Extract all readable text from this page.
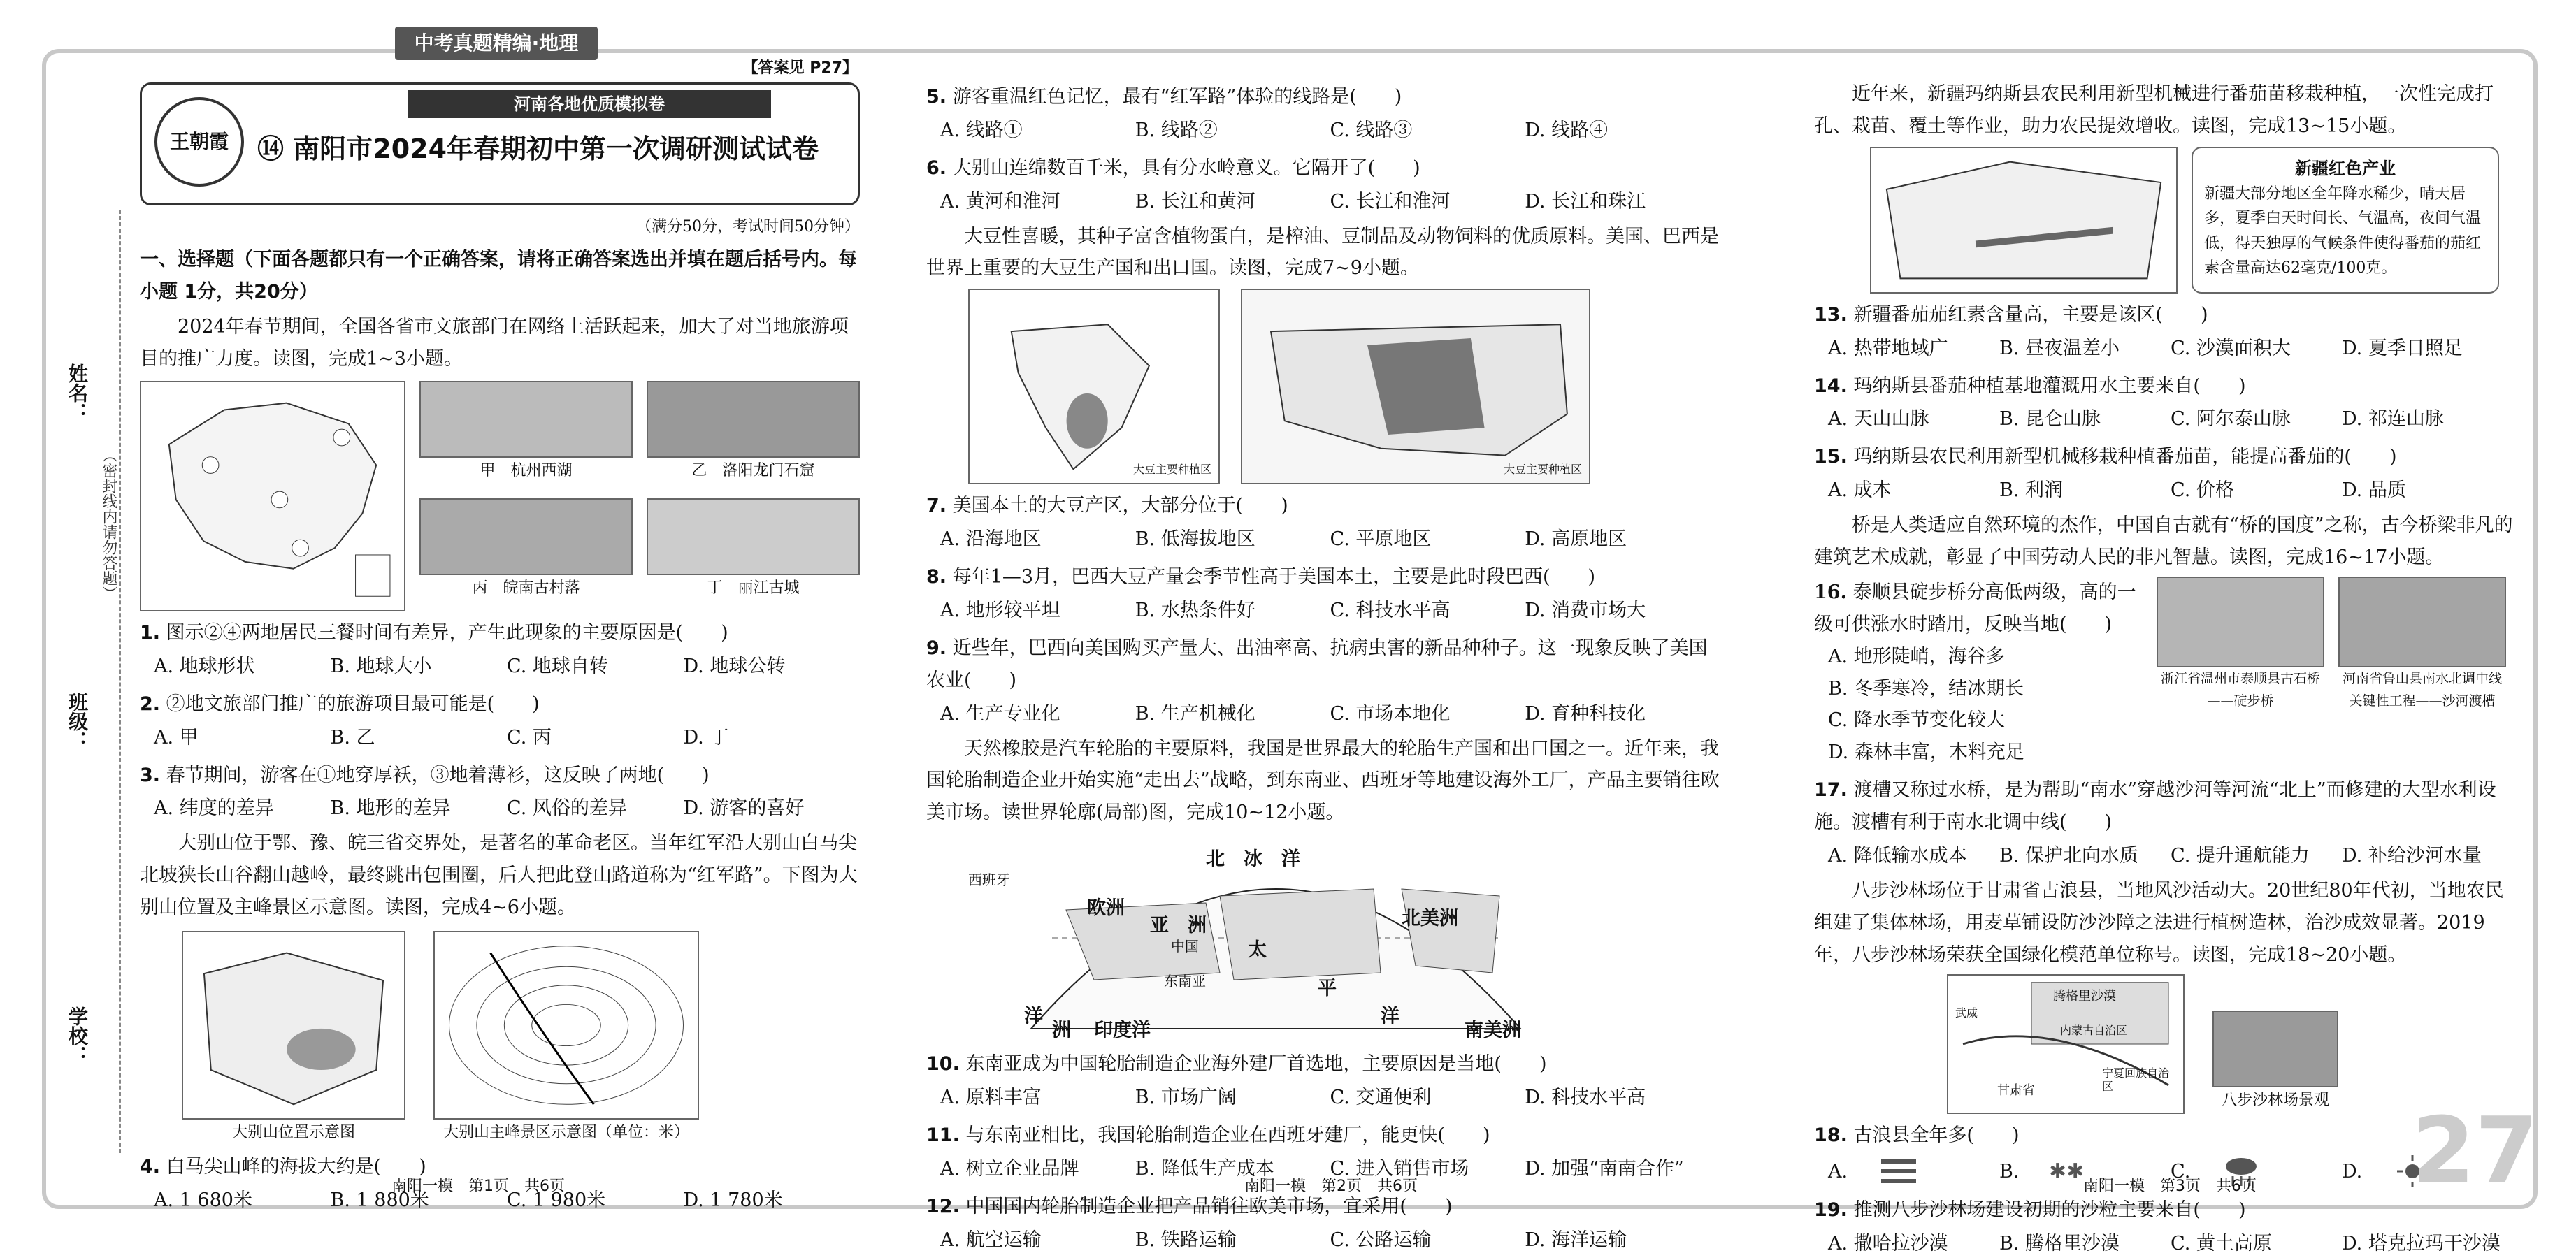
中考真题精编·地理
姓名：
班级：
学校：
（密封线内请勿答题）
【答案见 P27】
王朝霞
河南各地优质模拟卷
⑭ 南阳市2024年春期初中第一次调研测试试卷
（满分50分，考试时间50分钟）
一、选择题（下面各题都只有一个正确答案，请将正确答案选出并填在题后括号内。每小题 1分，共20分）
2024年春节期间，全国各省市文旅部门在网络上活跃起来，加大了对当地旅游项目的推广力度。读图，完成1~3小题。
甲　杭州西湖	乙　洛阳龙门石窟
丙　皖南古村落	丁　丽江古城
1. 图示②④两地居民三餐时间有差异，产生此现象的主要原因是(　　)
A. 地球形状	B. 地球大小	C. 地球自转	D. 地球公转
2. ②地文旅部门推广的旅游项目最可能是(　　)
A. 甲	B. 乙	C. 丙	D. 丁
3. 春节期间，游客在①地穿厚袄，③地着薄衫，这反映了两地(　　)
A. 纬度的差异	B. 地形的差异	C. 风俗的差异	D. 游客的喜好
大别山位于鄂、豫、皖三省交界处，是著名的革命老区。当年红军沿大别山白马尖北坡狭长山谷翻山越岭，最终跳出包围圈，后人把此登山路道称为“红军路”。下图为大别山位置及主峰景区示意图。读图，完成4~6小题。
大别山位置示意图	大别山主峰景区示意图（单位：米）
4. 白马尖山峰的海拔大约是(　　)
A. 1 680米	B. 1 880米	C. 1 980米	D. 1 780米
南阳一模　第1页　共6页
5. 游客重温红色记忆，最有“红军路”体验的线路是(　　)
A. 线路①	B. 线路②	C. 线路③	D. 线路④
6. 大别山连绵数百千米，具有分水岭意义。它隔开了(　　)
A. 黄河和淮河	B. 长江和黄河	C. 长江和淮河	D. 长江和珠江
大豆性喜暖，其种子富含植物蛋白，是榨油、豆制品及动物饲料的优质原料。美国、巴西是世界上重要的大豆生产国和出口国。读图，完成7~9小题。
大豆主要种植区	大豆主要种植区
7. 美国本土的大豆产区，大部分位于(　　)
A. 沿海地区	B. 低海拔地区	C. 平原地区	D. 高原地区
8. 每年1—3月，巴西大豆产量会季节性高于美国本土，主要是此时段巴西(　　)
A. 地形较平坦	B. 水热条件好	C. 科技水平高	D. 消费市场大
9. 近些年，巴西向美国购买产量大、出油率高、抗病虫害的新品种种子。这一现象反映了美国农业(　　)
A. 生产专业化	B. 生产机械化	C. 市场本地化	D. 育种科技化
天然橡胶是汽车轮胎的主要原料，我国是世界最大的轮胎生产国和出口国之一。近年来，我国轮胎制造企业开始实施“走出去”战略，到东南亚、西班牙等地建设海外工厂，产品主要销往欧美市场。读世界轮廓(局部)图，完成10~12小题。
北　冰　洋
欧洲
亚　洲	北美洲
中国	太
平
洋
印度洋
西班牙
东南亚
洋
洲	南美洲
10. 东南亚成为中国轮胎制造企业海外建厂首选地，主要原因是当地(　　)
A. 原料丰富	B. 市场广阔	C. 交通便利	D. 科技水平高
11. 与东南亚相比，我国轮胎制造企业在西班牙建厂，能更快(　　)
A. 树立企业品牌	B. 降低生产成本	C. 进入销售市场	D. 加强“南南合作”
12. 中国国内轮胎制造企业把产品销往欧美市场，宜采用(　　)
A. 航空运输	B. 铁路运输	C. 公路运输	D. 海洋运输
南阳一模　第2页　共6页
近年来，新疆玛纳斯县农民利用新型机械进行番茄苗移栽种植，一次性完成打孔、栽苗、覆土等作业，助力农民提效增收。读图，完成13~15小题。
新疆红色产业
新疆大部分地区全年降水稀少，晴天居多，夏季白天时间长、气温高，夜间气温低，得天独厚的气候条件使得番茄的茄红素含量高达62毫克/100克。
13. 新疆番茄茄红素含量高，主要是该区(　　)
A. 热带地域广	B. 昼夜温差小	C. 沙漠面积大	D. 夏季日照足
14. 玛纳斯县番茄种植基地灌溉用水主要来自(　　)
A. 天山山脉	B. 昆仑山脉	C. 阿尔泰山脉	D. 祁连山脉
15. 玛纳斯县农民利用新型机械移栽种植番茄苗，能提高番茄的(　　)
A. 成本	B. 利润	C. 价格	D. 品质
桥是人类适应自然环境的杰作，中国自古就有“桥的国度”之称，古今桥梁非凡的建筑艺术成就，彰显了中国劳动人民的非凡智慧。读图，完成16~17小题。
16. 泰顺县碇步桥分高低两级，高的一级可供涨水时踏用，反映当地(　　)
A. 地形陡峭，海谷多
B. 冬季寒冷，结冰期长
C. 降水季节变化较大
D. 森林丰富，木料充足
浙江省温州市泰顺县古石桥——碇步桥
河南省鲁山县南水北调中线关键性工程——沙河渡槽
17. 渡槽又称过水桥，是为帮助“南水”穿越沙河等河流“北上”而修建的大型水利设施。渡槽有利于南水北调中线(　　)
A. 降低输水成本	B. 保护北向水质	C. 提升通航能力	D. 补给沙河水量
八步沙林场位于甘肃省古浪县，当地风沙活动大。20世纪80年代初，当地农民组建了集体林场，用麦草铺设防沙沙障之法进行植树造林，治沙成效显著。2019年，八步沙林场荣获全国绿化模范单位称号。读图，完成18~20小题。
腾格里沙漠
内蒙古自治区
甘肃省
宁夏回族自治区
武威
八步沙林场景观
18. 古浪县全年多(　　)
A.	B.	✱✱	C.	D.
19. 推测八步沙林场建设初期的沙粒主要来自(　　)
A. 撒哈拉沙漠	B. 腾格里沙漠	C. 黄土高原	D. 塔克拉玛干沙漠
南阳一模　第3页　共6页 27
